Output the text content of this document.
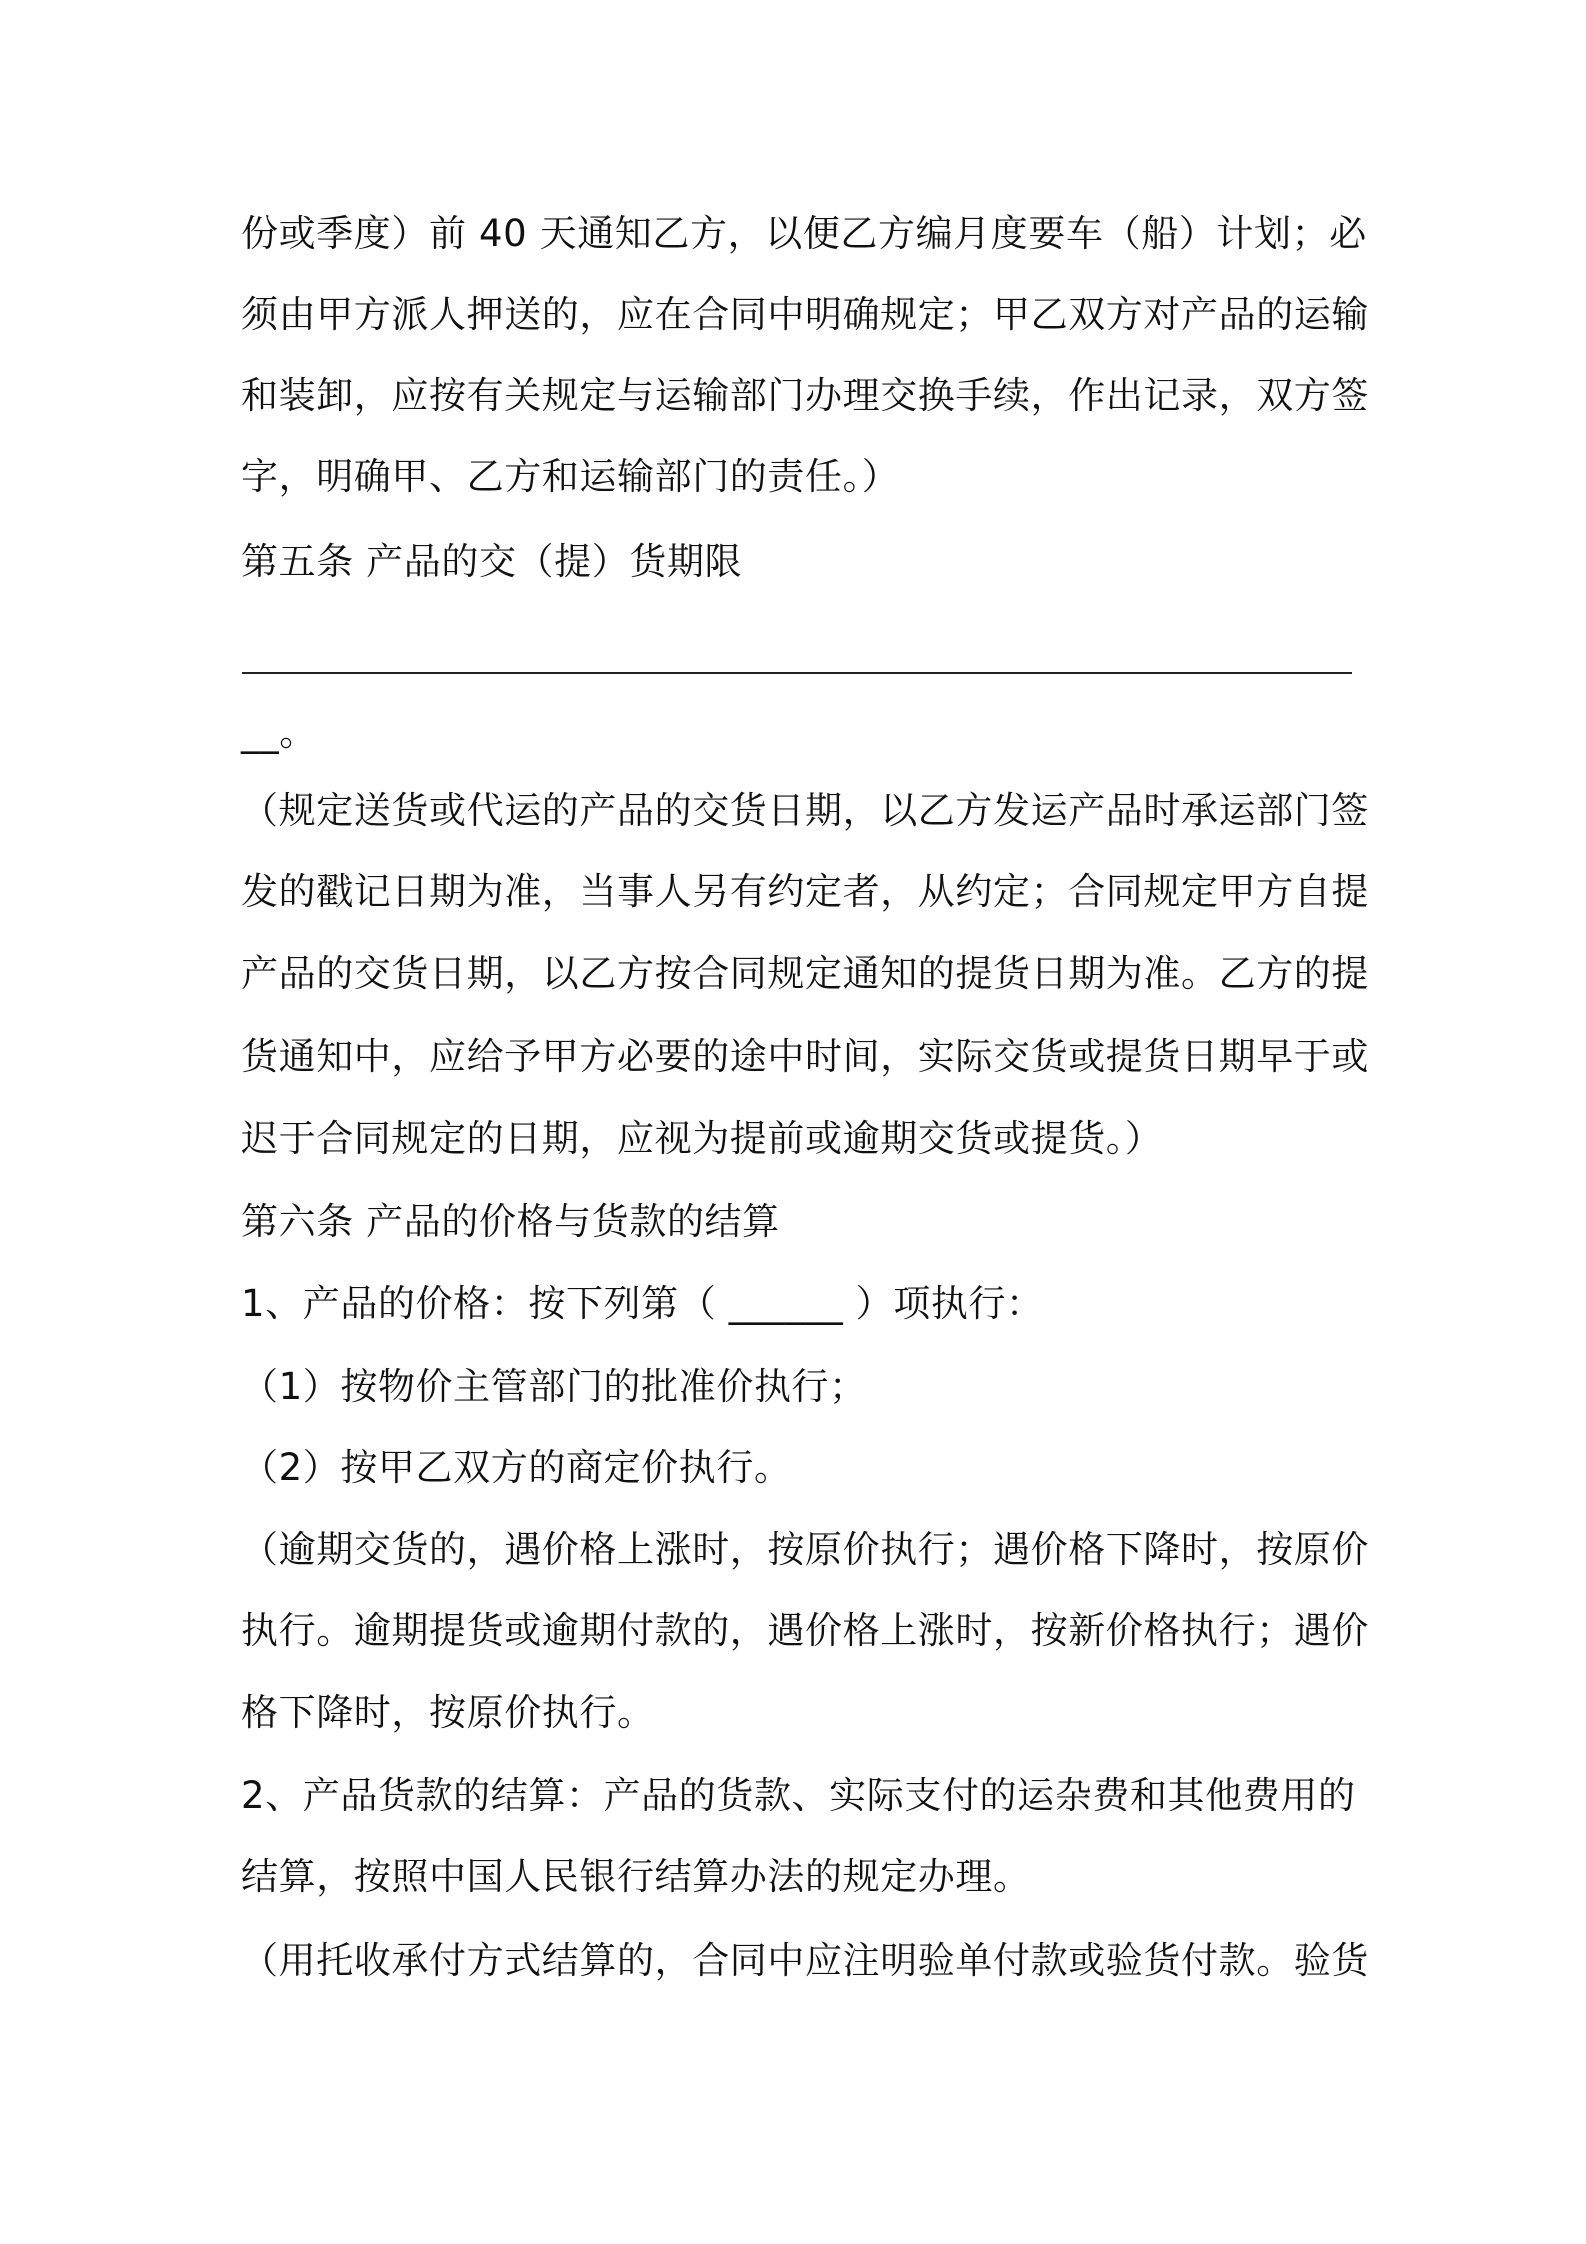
份或季度）前 40 天通知乙方，以便乙方编月度要车（船）计划；必
须由甲方派人押送的，应在合同中明确规定；甲乙双方对产品的运输
和装卸，应按有关规定与运输部门办理交换手续，作出记录，双方签
字，明确甲、乙方和运输部门的责任。）
第五条 产品的交（提）货期限
__。
（规定送货或代运的产品的交货日期，以乙方发运产品时承运部门签
发的戳记日期为准，当事人另有约定者，从约定；合同规定甲方自提
产品的交货日期，以乙方按合同规定通知的提货日期为准。乙方的提
货通知中，应给予甲方必要的途中时间，实际交货或提货日期早于或
迟于合同规定的日期，应视为提前或逾期交货或提货。）
第六条 产品的价格与货款的结算
1、产品的价格：按下列第（ ______ ）项执行：
（1）按物价主管部门的批准价执行；
（2）按甲乙双方的商定价执行。
（逾期交货的，遇价格上涨时，按原价执行；遇价格下降时，按原价
执行。逾期提货或逾期付款的，遇价格上涨时，按新价格执行；遇价
格下降时，按原价执行。
2、产品货款的结算：产品的货款、实际支付的运杂费和其他费用的
结算，按照中国人民银行结算办法的规定办理。
（用托收承付方式结算的，合同中应注明验单付款或验货付款。验货
